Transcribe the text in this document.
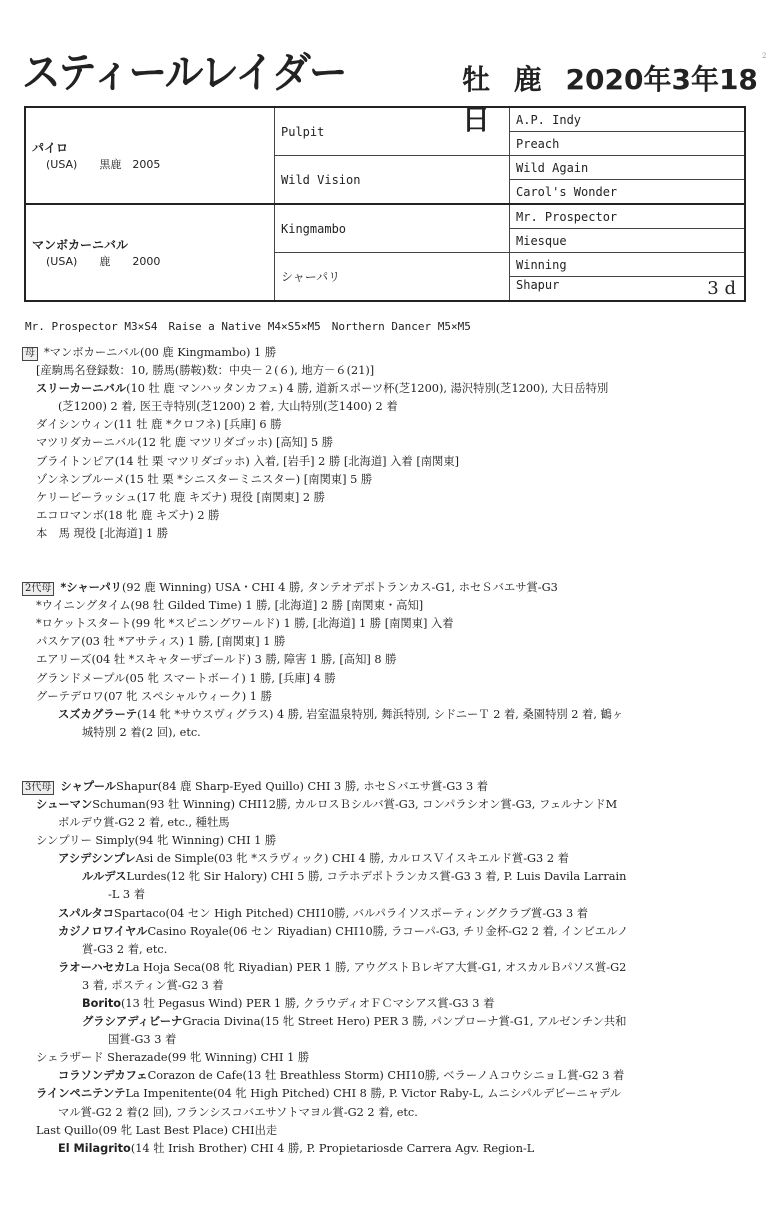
スティールレイダー	牡 鹿 2020年3年18日
2
パイロ
(USA)　　黒鹿　2005	Pulpit	A.P. Indy
		Preach
	Wild Vision	Wild Again
		Carol's Wonder

マンボカーニバル
(USA)　　鹿　　2000	Kingmambo	Mr. Prospector
		Miesque
	シャーパリ	Winning
		Shapur 3 d
Mr. Prospector M3×S4　Raise a Native M4×S5×M5　Northern Dancer M5×M5
母 *マンボカーニバル(00 鹿 Kingmambo) 1 勝
[産駒馬名登録数：10, 勝馬(勝鞍)数：中央－２(６), 地方－６(21)]
スリーカーニバル(10 牡 鹿 マンハッタンカフェ) 4 勝, 道新スポーツ杯(芝1200), 湯沢特別(芝1200), 大日岳特別
(芝1200) 2 着, 医王寺特別(芝1200) 2 着, 大山特別(芝1400) 2 着
ダイシンウィン(11 牡 鹿 *クロフネ) [兵庫] 6 勝
マツリダカーニバル(12 牝 鹿 マツリダゴッホ) [高知] 5 勝
ブライトンピア(14 牡 栗 マツリダゴッホ) 入着, [岩手] 2 勝 [北海道] 入着 [南関東]
ゾンネンブルーメ(15 牡 栗 *シニスターミニスター) [南関東] 5 勝
ケリービーラッシュ(17 牝 鹿 キズナ) 現役 [南関東] 2 勝
エコロマンボ(18 牝 鹿 キズナ) 2 勝
本　馬 現役 [北海道] 1 勝
2代母 *シャーパリ(92 鹿 Winning) USA・CHI 4 勝, タンテオデポトランカス-G1, ホセＳバエサ賞-G3
*ウイニングタイム(98 牡 Gilded Time) 1 勝, [北海道] 2 勝 [南関東・高知]
*ロケットスタート(99 牝 *スピニングワールド) 1 勝, [北海道] 1 勝 [南関東] 入着
パスケア(03 牡 *アサティス) 1 勝, [南関東] 1 勝
エアリーズ(04 牡 *スキャターザゴールド) 3 勝, 障害 1 勝, [高知] 8 勝
グランドメープル(05 牝 スマートボーイ) 1 勝, [兵庫] 4 勝
グーテデロワ(07 牝 スペシャルウィーク) 1 勝
スズカグラーテ(14 牝 *サウスヴィグラス) 4 勝, 岩室温泉特別, 舞浜特別, シドニーＴ 2 着, 桑園特別 2 着, 鶴ヶ
城特別 2 着(2 回), etc.
3代母 シャプールShapur(84 鹿 Sharp-Eyed Quillo) CHI 3 勝, ホセＳバエサ賞-G3 3 着
シューマンSchuman(93 牡 Winning) CHI12勝, カルロスＢシルバ賞-G3, コンパラシオン賞-G3, フェルナンドM
ボルデウ賞-G2 2 着, etc., 種牡馬
シンプリー Simply(94 牝 Winning) CHI 1 勝
アシデシンプレAsi de Simple(03 牝 *スラヴィック) CHI 4 勝, カルロスＶイスキエルド賞-G3 2 着
ルルデスLurdes(12 牝 Sir Halory) CHI 5 勝, コテホデポトランカス賞-G3 3 着, P. Luis Davila Larrain
-L 3 着
スパルタコSpartaco(04 セン High Pitched) CHI10勝, バルパライソスポーティングクラブ賞-G3 3 着
カジノロワイヤルCasino Royale(06 セン Riyadian) CHI10勝, ラコーパ-G3, チリ金杯-G2 2 着, インビエルノ
賞-G3 2 着, etc.
ラオーハセカLa Hoja Seca(08 牝 Riyadian) PER 1 勝, アウグストＢレギア大賞-G1, オスカルＢパソス賞-G2
3 着, ポスティン賞-G2 3 着
Borito(13 牡 Pegasus Wind) PER 1 勝, クラウディオＦＣマシアス賞-G3 3 着
グラシアディビーナGracia Divina(15 牝 Street Hero) PER 3 勝, パンプローナ賞-G1, アルゼンチン共和
国賞-G3 3 着
シェラザード Sherazade(99 牝 Winning) CHI 1 勝
コラソンデカフェCorazon de Cafe(13 牡 Breathless Storm) CHI10勝, ベラーノＡコウシニョＬ賞-G2 3 着
ラインペニテンテLa Impenitente(04 牝 High Pitched) CHI 8 勝, P. Victor Raby-L, ムニシパルデビーニャデル
マル賞-G2 2 着(2 回), フランシスコバエサソトマヨル賞-G2 2 着, etc.
Last Quillo(09 牝 Last Best Place) CHI出走
El Milagrito(14 牡 Irish Brother) CHI 4 勝, P. Propietariosde Carrera Agv. Region-L
